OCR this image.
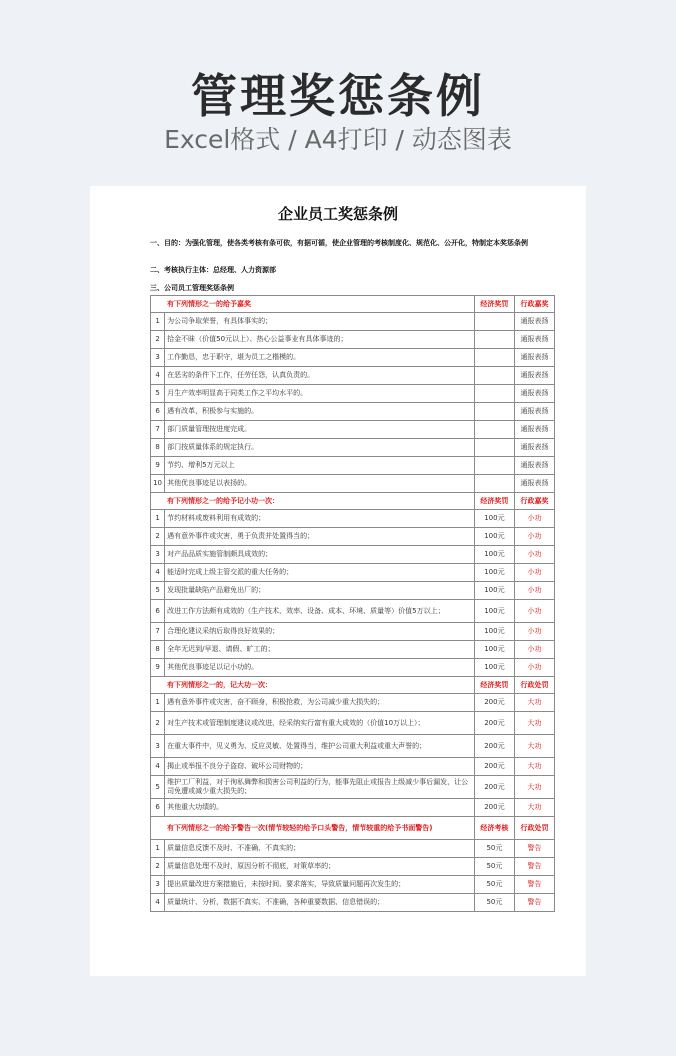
管理奖惩条例
Excel格式 / A4打印 / 动态图表
企业员工奖惩条例
一、目的：为强化管理，使各类考核有条可依，有据可循，使企业管理的考核制度化、规范化、公开化，特制定本奖惩条例
二、考核执行主体：总经理、人力资源部
三、公司员工管理奖惩条例
有下列情形之一的给予嘉奖		经济奖罚	行政嘉奖
1	为公司争取荣誉，有具体事实的；		通报表扬
2	拾金不昧（价值50元以上）、热心公益事业有具体事迹的；		通报表扬
3	工作勤恳，忠于职守，堪为员工之楷模的。		通报表扬
4	在恶劣的条件下工作，任劳任怨，认真负责的。		通报表扬
5	月生产效率明显高于同类工作之平均水平的。		通报表扬
6	遇有改革，积极参与实施的。		通报表扬
7	部门质量管理按进度完成。		通报表扬
8	部门按质量体系的规定执行。		通报表扬
9	节约、增利5万元以上		通报表扬
10	其他优良事迹足以表扬的。		通报表扬
有下列情形之一的给予记小功一次：		经济奖罚	行政嘉奖
1	节约材料或废料利用有成效的；	100元	小功
2	遇有意外事件或灾害，勇于负责并处置得当的；	100元	小功
3	对产品品质实施管制颇具成效的；	100元	小功
4	能适时完成上级主管交派的重大任务的；	100元	小功
5	发现批量缺陷产品避免出厂的；	100元	小功
6	改进工作方法颇有成效的（生产技术、效率、设备、成本、环境、质量等）价值5万以上；	100元	小功
7	合理化建议采纳后取得良好效果的；	100元	小功
8	全年无迟到/早退、请假、旷工的；	100元	小功
9	其他优良事迹足以记小功的。	100元	小功
有下列情形之一的，记大功一次：		经济奖罚	行政处罚
1	遇有意外事件或灾害，奋不顾身，积极抢救，为公司减少重大损失的；	200元	大功
2	对生产技术或管理制度建议或改进，经采纳实行富有重大成效的（价值10万以上）；	200元	大功
3	在重大事件中，见义勇为、反应灵敏、处置得当，维护公司重大利益或重大声誉的；	200元	大功
4	揭止或举报不良分子盗窃、破坏公司财物的；	200元	大功
5	维护工厂利益，对于徇私舞弊和损害公司利益的行为，能事先阻止或报告上级减少事后漏发，让公司免遭或减少重大损失的；	200元	大功
6	其他重大功绩的。	200元	大功
有下列情形之一的给予警告一次(情节较轻的给予口头警告，情节较重的给予书面警告)		经济考核	行政处罚
1	质量信息反馈不及时、不准确、不真实的；	50元	警告
2	质量信息处理不及时，原因分析不彻底，对策草率的；	50元	警告
3	提出质量改进方案措施后，未按时间、要求落实，导致质量问题再次发生的；	50元	警告
4	质量统计、分析，数据不真实、不准确，各种重要数据、信息错误的；	50元	警告
